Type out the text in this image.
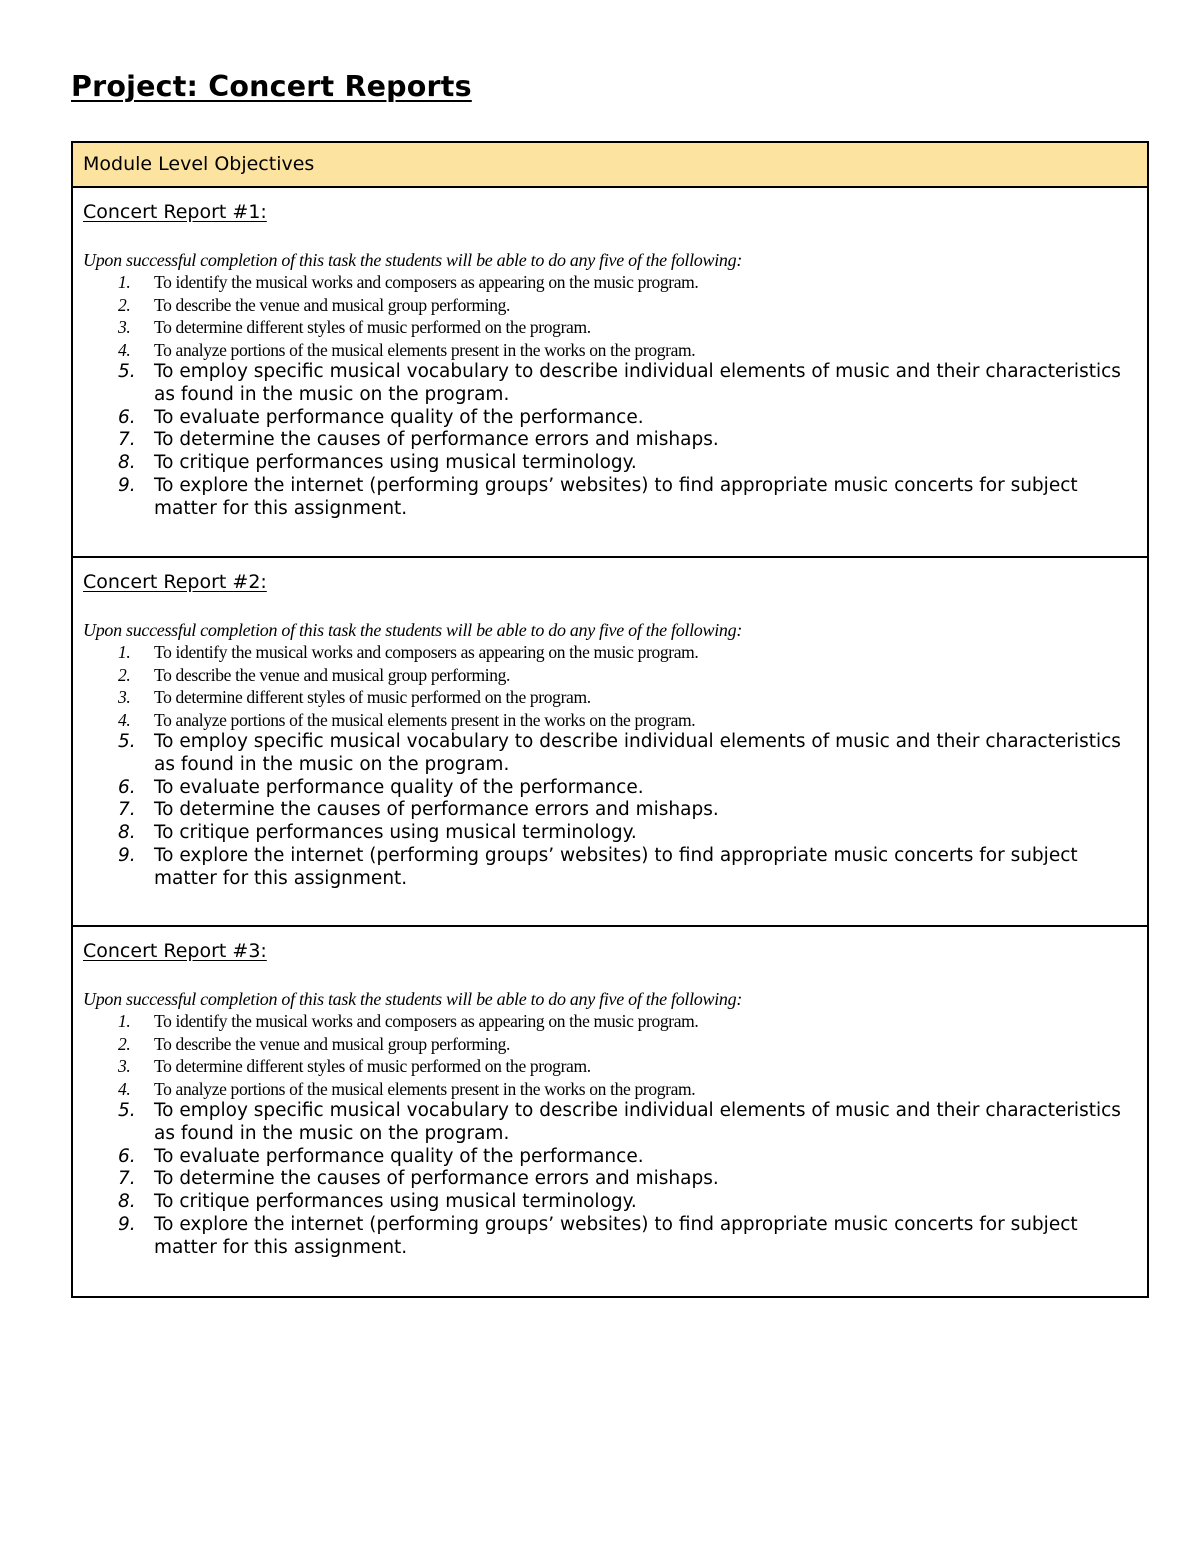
Project: Concert Reports
Module Level Objectives

Concert Report #1:
Upon successful completion of this task the students will be able to do any five of the following:
1.	To identify the musical works and composers as appearing on the music program.
2.	To describe the venue and musical group performing.
3.	To determine different styles of music performed on the program.
4.	To analyze portions of the musical elements present in the works on the program.
5. To employ specific musical vocabulary to describe individual elements of music and their characteristics as found in the music on the program.
6. To evaluate performance quality of the performance.
7. To determine the causes of performance errors and mishaps.
8. To critique performances using musical terminology.
9. To explore the internet (performing groups’ websites) to find appropriate music concerts for subject matter for this assignment.

Concert Report #2:
Upon successful completion of this task the students will be able to do any five of the following:
1.	To identify the musical works and composers as appearing on the music program.
2.	To describe the venue and musical group performing.
3.	To determine different styles of music performed on the program.
4.	To analyze portions of the musical elements present in the works on the program.
5. To employ specific musical vocabulary to describe individual elements of music and their characteristics as found in the music on the program.
6. To evaluate performance quality of the performance.
7. To determine the causes of performance errors and mishaps.
8. To critique performances using musical terminology.
9. To explore the internet (performing groups’ websites) to find appropriate music concerts for subject matter for this assignment.

Concert Report #3:
Upon successful completion of this task the students will be able to do any five of the following:
1.	To identify the musical works and composers as appearing on the music program.
2.	To describe the venue and musical group performing.
3.	To determine different styles of music performed on the program.
4.	To analyze portions of the musical elements present in the works on the program.
5. To employ specific musical vocabulary to describe individual elements of music and their characteristics as found in the music on the program.
6. To evaluate performance quality of the performance.
7. To determine the causes of performance errors and mishaps.
8. To critique performances using musical terminology.
9. To explore the internet (performing groups’ websites) to find appropriate music concerts for subject matter for this assignment.
